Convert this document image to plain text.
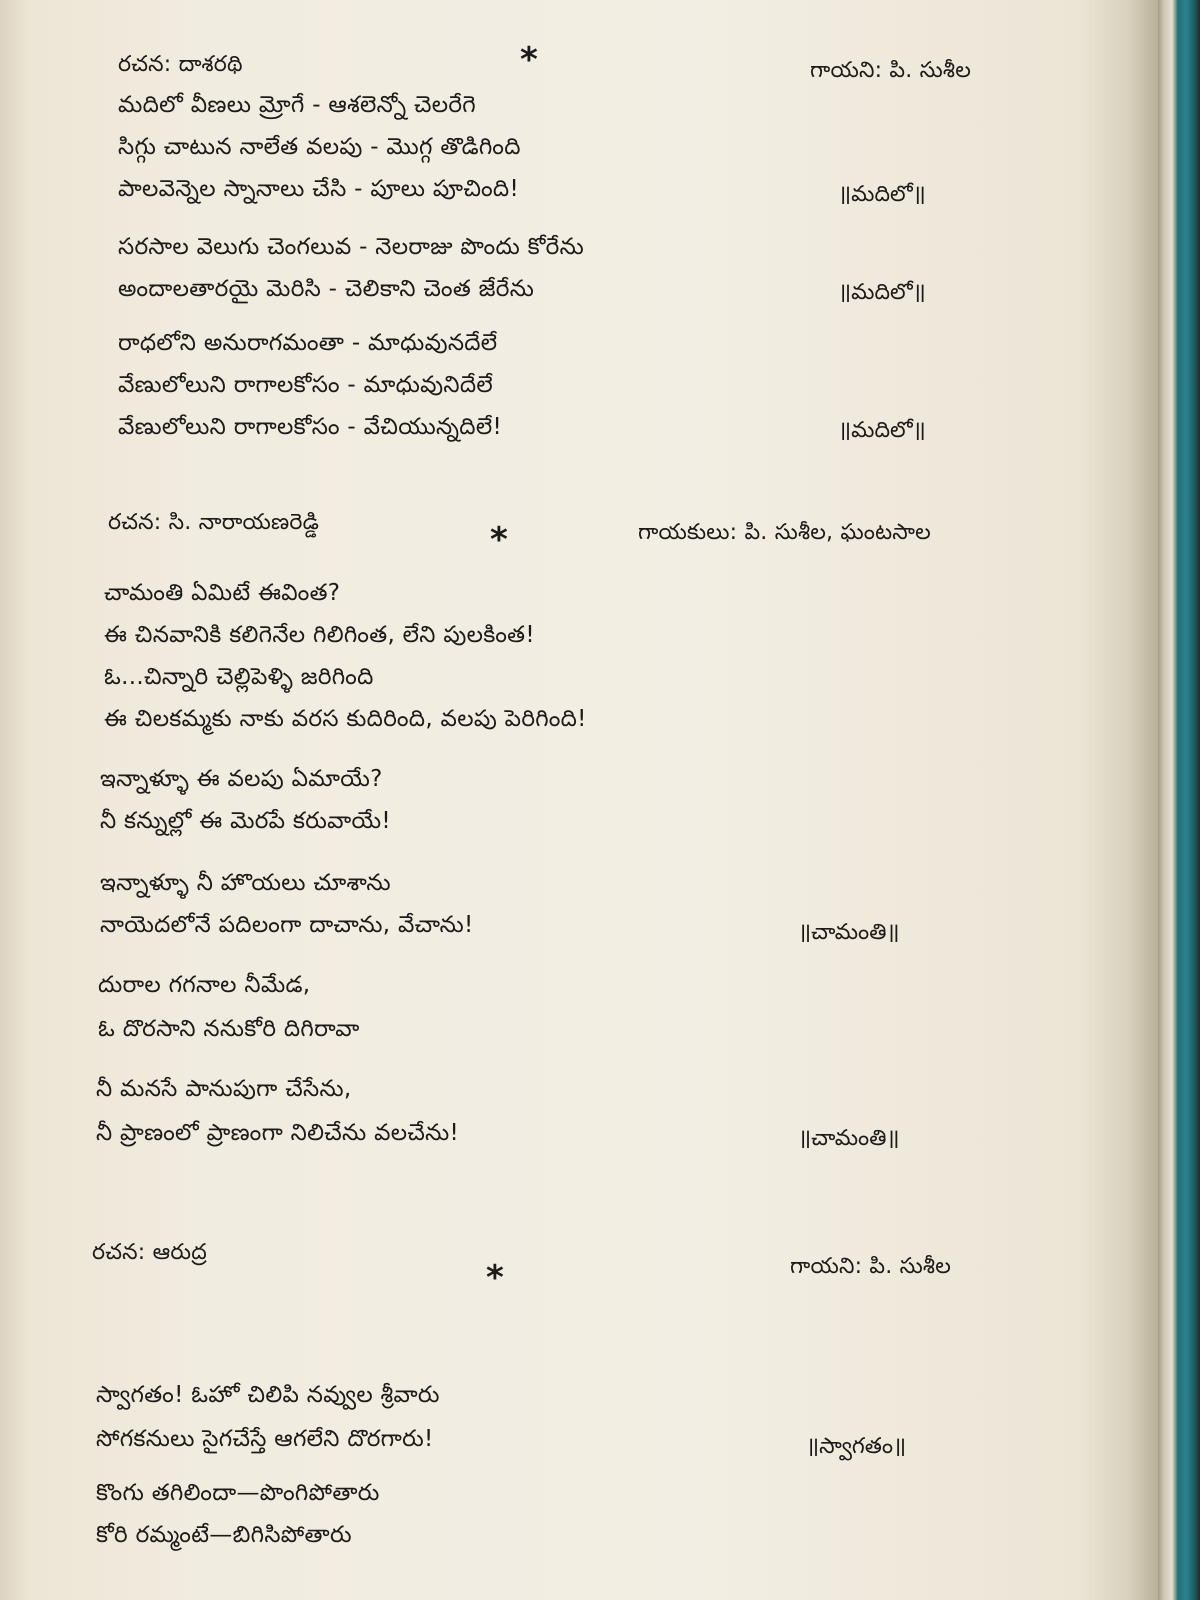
రచన: దాశరథి	*	గాయని: పి. సుశీల
మదిలో వీణలు మ్రోగే - ఆశలెన్నో చెలరేగె
సిగ్గు చాటున నాలేత వలపు - మొగ్గ తొడిగింది
పాలవెన్నెల స్నానాలు చేసి - పూలు పూచింది!	॥మదిలో॥
సరసాల వెలుగు చెంగలువ - నెలరాజు పొందు కోరేను
అందాలతారయై మెరిసి - చెలికాని చెంత జేరేను	॥మదిలో॥
రాధలోని అనురాగమంతా - మాధువునదేలే
వేణులోలుని రాగాలకోసం - మాధువునిదేలే
వేణులోలుని రాగాలకోసం - వేచియున్నదిలే!	॥మదిలో॥
రచన: సి. నారాయణరెడ్డి	*	గాయకులు: పి. సుశీల, ఘంటసాల
చామంతి ఏమిటే ఈవింత?
ఈ చినవానికి కలిగెనేల గిలిగింత, లేని పులకింత!
ఓ...చిన్నారి చెల్లిపెళ్ళి జరిగింది
ఈ చిలకమ్మకు నాకు వరస కుదిరింది, వలపు పెరిగింది!
ఇన్నాళ్ళూ ఈ వలపు ఏమాయే?
నీ కన్నుల్లో ఈ మెరపే కరువాయే!
ఇన్నాళ్ళూ నీ హొయలు చూశాను
నాయెదలోనే పదిలంగా దాచాను, వేచాను!	॥చామంతి॥
దురాల గగనాల నీమేడ,
ఓ దొరసాని ననుకోరి దిగిరావా
నీ మనసే పానుపుగా చేసేను,
నీ ప్రాణంలో ప్రాణంగా నిలిచేను వలచేను!	॥చామంతి॥
రచన: ఆరుద్ర
*	గాయని: పి. సుశీల
స్వాగతం! ఓహో చిలిపి నవ్వుల శ్రీవారు
సోగకనులు సైగచేస్తే ఆగలేని దొరగారు!	॥స్వాగతం॥
కొంగు తగిలిందా—పొంగిపోతారు
కోరి రమ్మంటే—బిగిసిపోతారు
